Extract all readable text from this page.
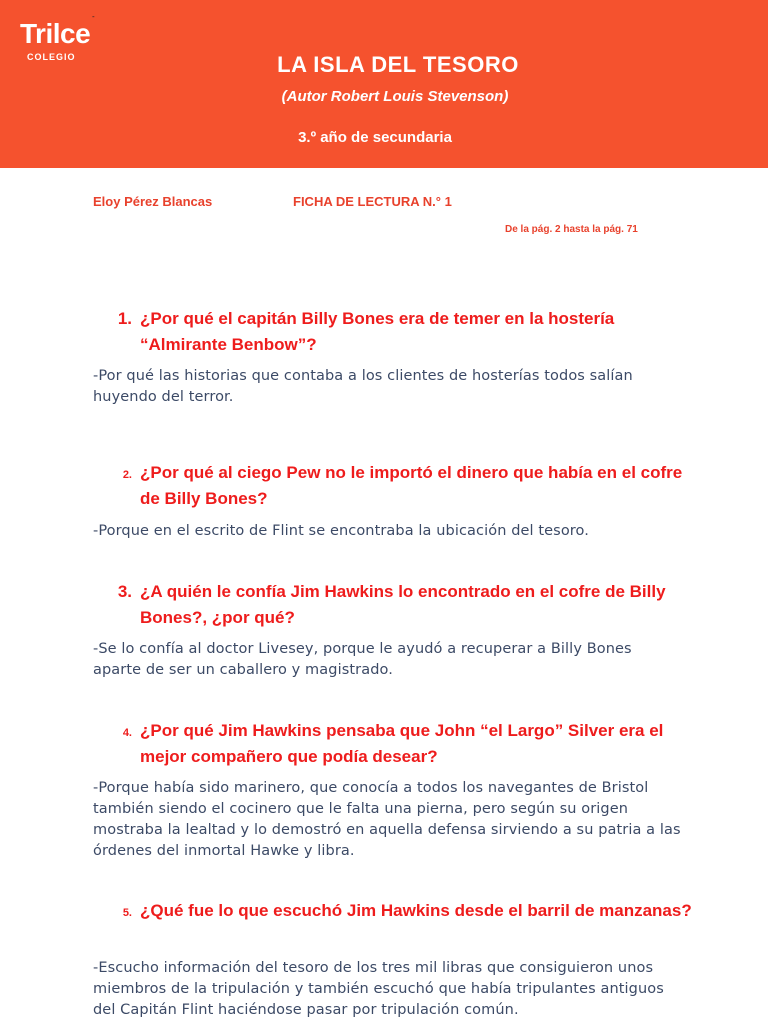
-
Trilce
COLEGIO	LA ISLA DEL TESORO
(Autor Robert Louis Stevenson)
3.º año de secundaria
Eloy Pérez Blancas	FICHA DE LECTURA N.° 1
De la pág. 2 hasta la pág. 71
1. ¿Por qué el capitán Billy Bones era de temer en la hostería “Almirante Benbow”?
-Por qué las historias que contaba a los clientes de hosterías todos salían huyendo del terror.
2. ¿Por qué al ciego Pew no le importó el dinero que había en el cofre de Billy Bones?
-Porque en el escrito de Flint se encontraba la ubicación del tesoro.
3. ¿A quién le confía Jim Hawkins lo encontrado en el cofre de Billy Bones?, ¿por qué?
-Se lo confía al doctor Livesey, porque le ayudó a recuperar a Billy Bones aparte de ser un caballero y magistrado.
4. ¿Por qué Jim Hawkins pensaba que John “el Largo” Silver era el mejor compañero que podía desear?
-Porque había sido marinero, que conocía a todos los navegantes de Bristol también siendo el cocinero que le falta una pierna, pero según su origen mostraba la lealtad y lo demostró en aquella defensa sirviendo a su patria a las órdenes del inmortal Hawke y libra.
5. ¿Qué fue lo que escuchó Jim Hawkins desde el barril de manzanas?
-Escucho información del tesoro de los tres mil libras que consiguieron unos miembros de la tripulación y también escuchó que había tripulantes antiguos del Capitán Flint haciéndose pasar por tripulación común.
